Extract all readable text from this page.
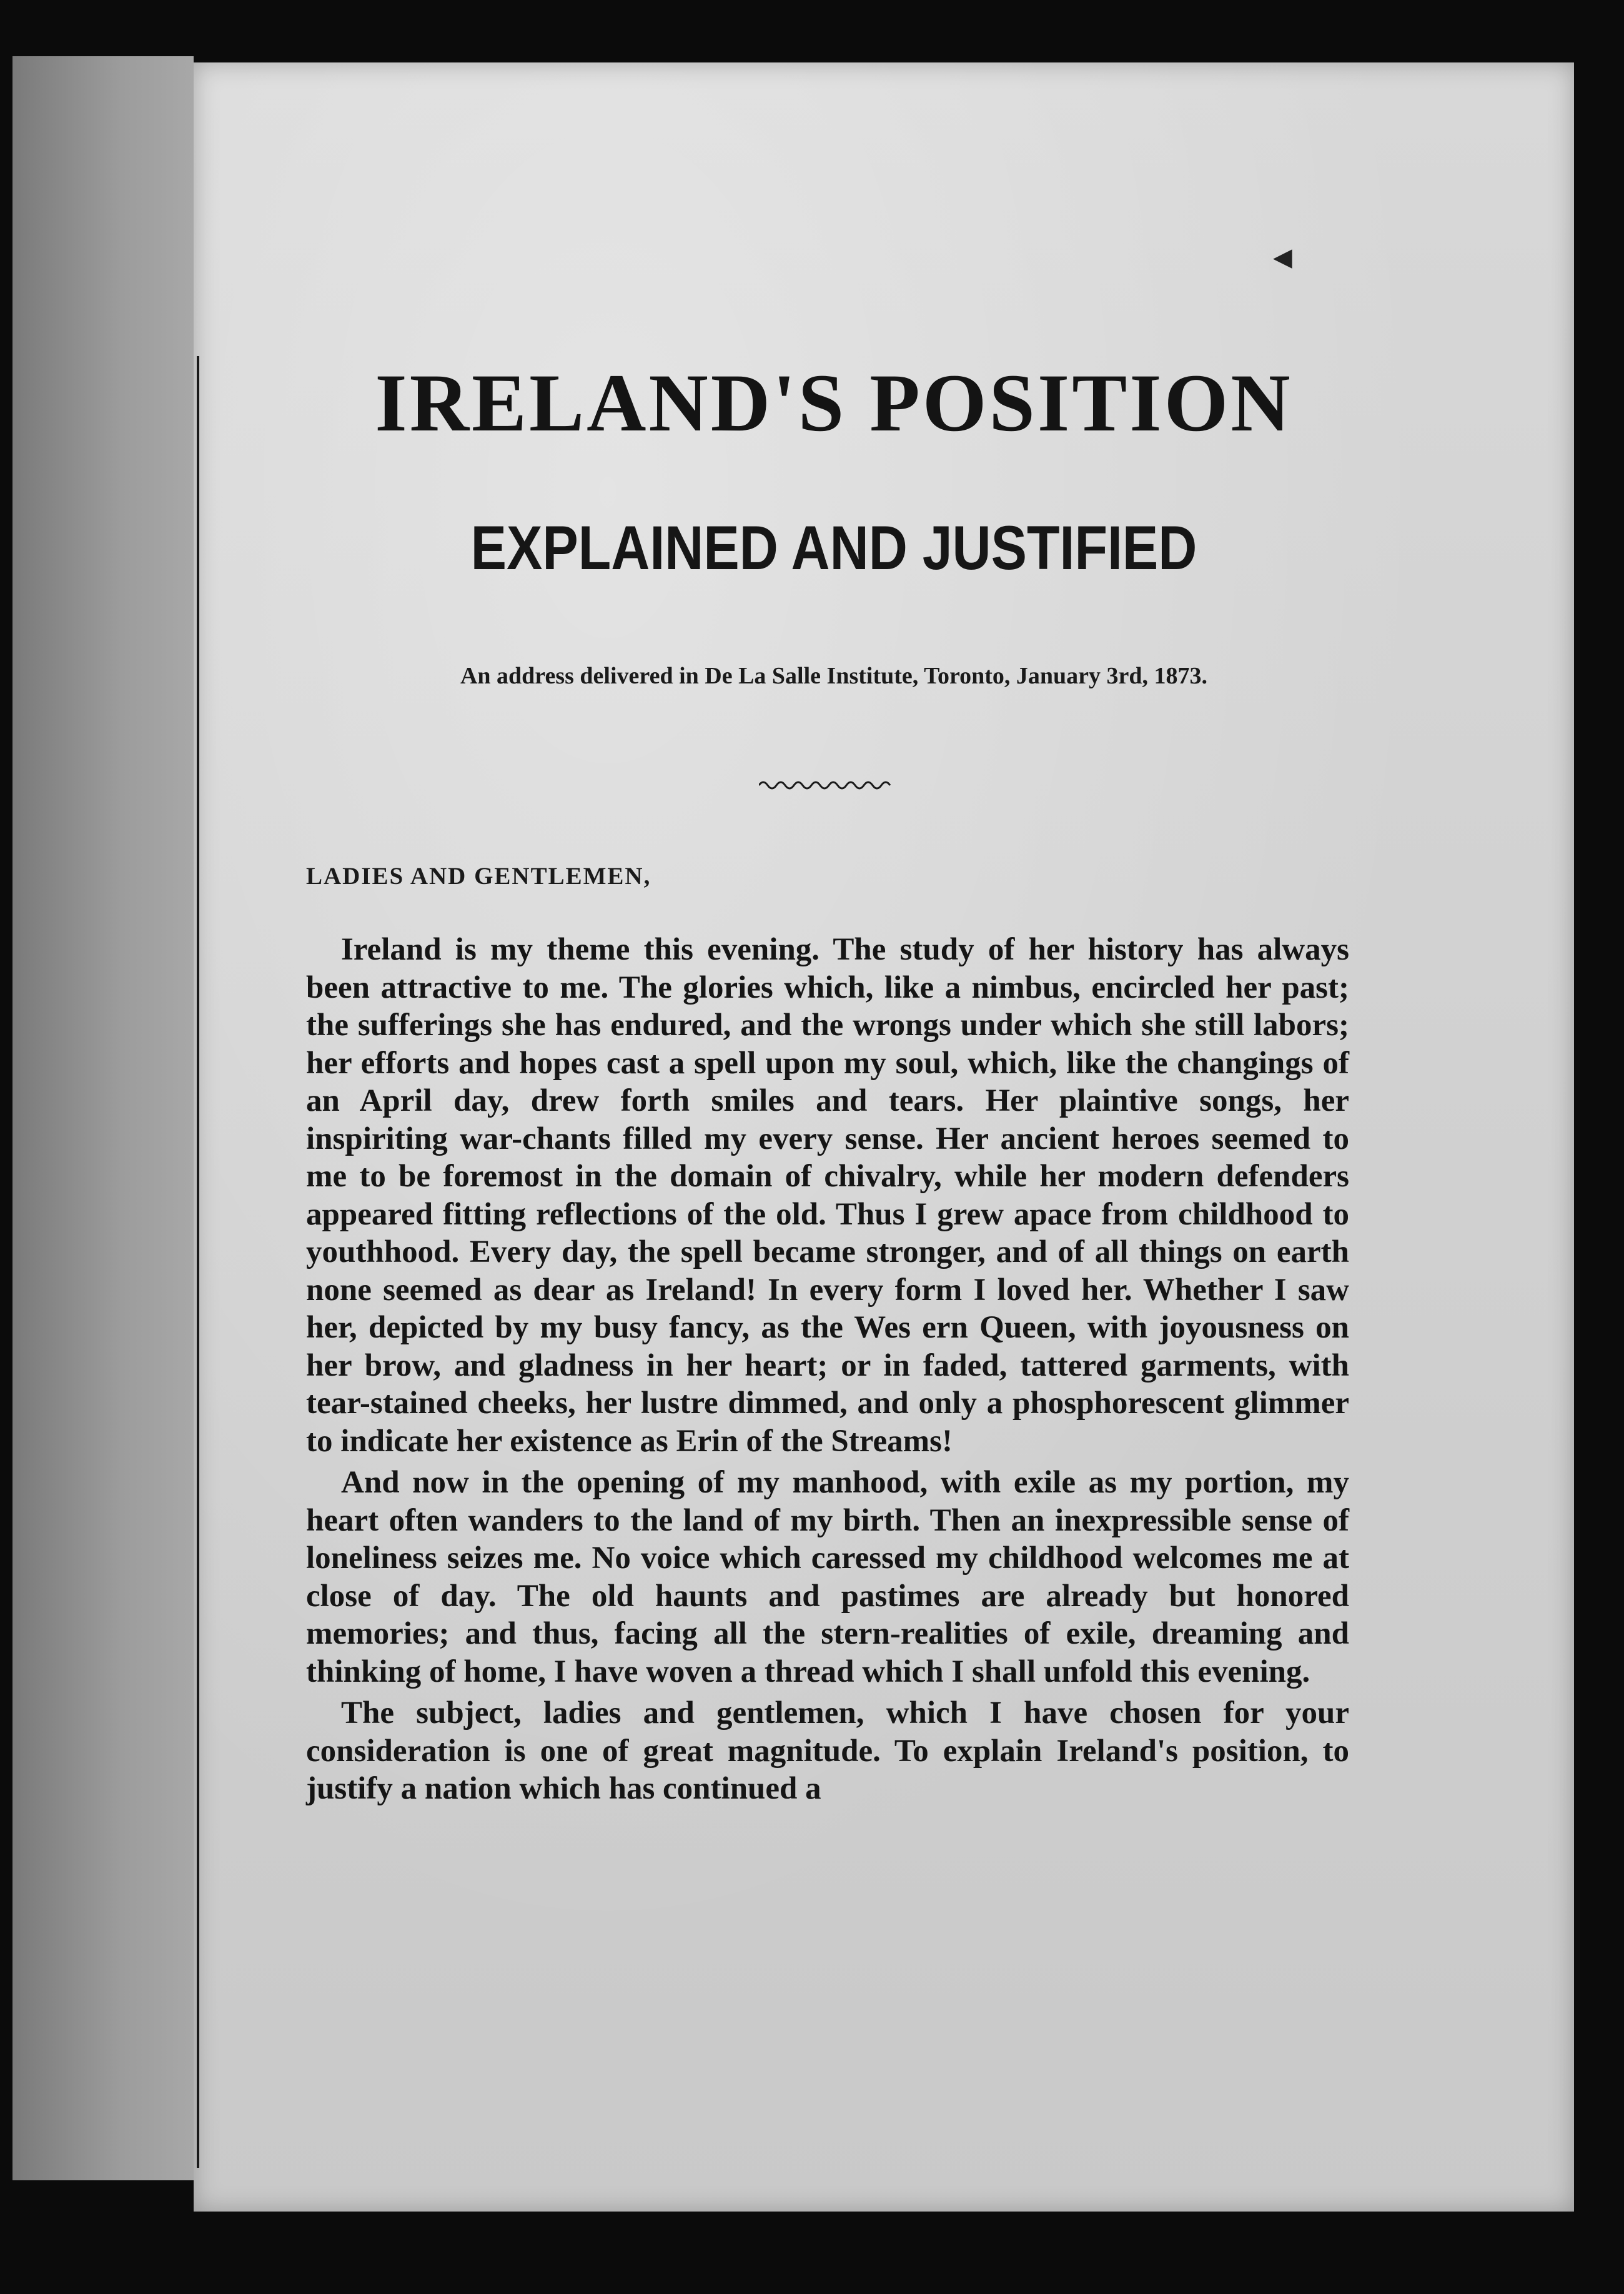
◀
IRELAND'S POSITION
EXPLAINED AND JUSTIFIED
An address delivered in De La Salle Institute, Toronto, January 3rd, 1873.
LADIES AND GENTLEMEN,

Ireland is my theme this evening. The study of her history has always been attractive to me. The glories which, like a nimbus, encircled her past; the sufferings she has endured, and the wrongs under which she still labors; her efforts and hopes cast a spell upon my soul, which, like the changings of an April day, drew forth smiles and tears. Her plaintive songs, her inspiriting war-chants filled my every sense. Her ancient heroes seemed to me to be foremost in the domain of chivalry, while her modern defenders appeared fitting reflections of the old. Thus I grew apace from childhood to youthhood. Every day, the spell became stronger, and of all things on earth none seemed as dear as Ireland! In every form I loved her. Whether I saw her, depicted by my busy fancy, as the Wes ern Queen, with joyousness on her brow, and gladness in her heart; or in faded, tattered garments, with tear-stained cheeks, her lustre dimmed, and only a phosphorescent glimmer to indicate her existence as Erin of the Streams!

And now in the opening of my manhood, with exile as my portion, my heart often wanders to the land of my birth. Then an inexpressible sense of loneliness seizes me. No voice which caressed my childhood welcomes me at close of day. The old haunts and pastimes are already but honored memories; and thus, facing all the stern-realities of exile, dreaming and thinking of home, I have woven a thread which I shall unfold this evening.

The subject, ladies and gentlemen, which I have chosen for your consideration is one of great magnitude. To explain Ireland's position, to justify a nation which has continued a
